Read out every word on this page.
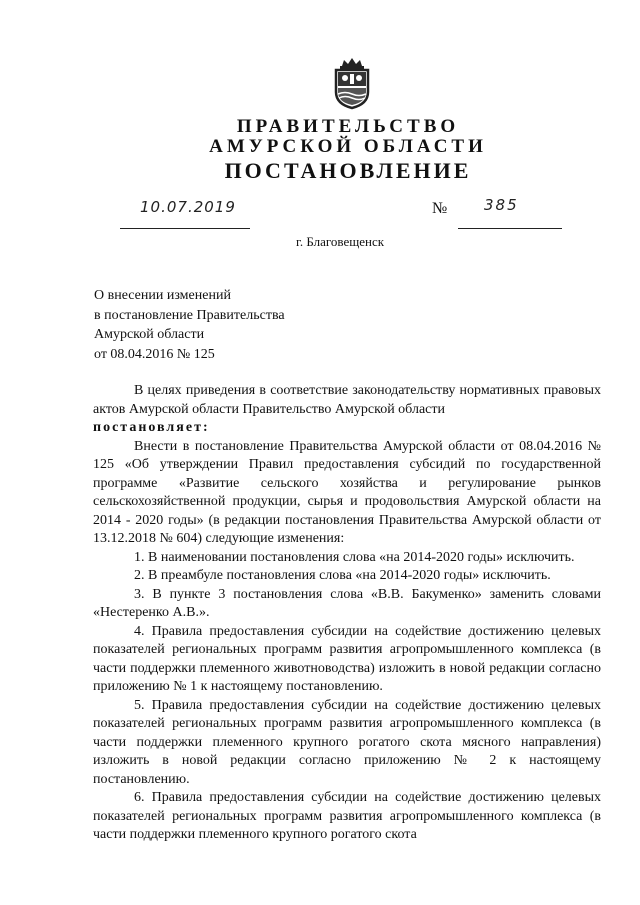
ПРАВИТЕЛЬСТВО
АМУРСКОЙ ОБЛАСТИ
ПОСТАНОВЛЕНИЕ
10.07.2019	№ 385
г. Благовещенск
О внесении изменений
в постановление Правительства
Амурской области
от 08.04.2016 № 125

В целях приведения в соответствие законодательству нормативных правовых актов Амурской области Правительство Амурской области

постановляет:

Внести в постановление Правительства Амурской области от 08.04.2016 № 125 «Об утверждении Правил предоставления субсидий по государственной программе «Развитие сельского хозяйства и регулирование рынков сельскохозяйственной продукции, сырья и продовольствия Амурской области на 2014 - 2020 годы» (в редакции постановления Правительства Амурской области от 13.12.2018 № 604) следующие изменения:

1. В наименовании постановления слова «на 2014-2020 годы» исключить.

2. В преамбуле постановления слова «на 2014-2020 годы» исключить.

3. В пункте 3 постановления слова «В.В. Бакуменко» заменить словами «Нестеренко А.В.».

4. Правила предоставления субсидии на содействие достижению целевых показателей региональных программ развития агропромышленного комплекса (в части поддержки племенного животноводства) изложить в новой редакции согласно приложению № 1 к настоящему постановлению.

5. Правила предоставления субсидии на содействие достижению целевых показателей региональных программ развития агропромышленного комплекса (в части поддержки племенного крупного рогатого скота мясного направления) изложить в новой редакции согласно приложению № 2 к настоящему постановлению.

6. Правила предоставления субсидии на содействие достижению целевых показателей региональных программ развития агропромышленного комплекса (в части поддержки племенного крупного рогатого скота
